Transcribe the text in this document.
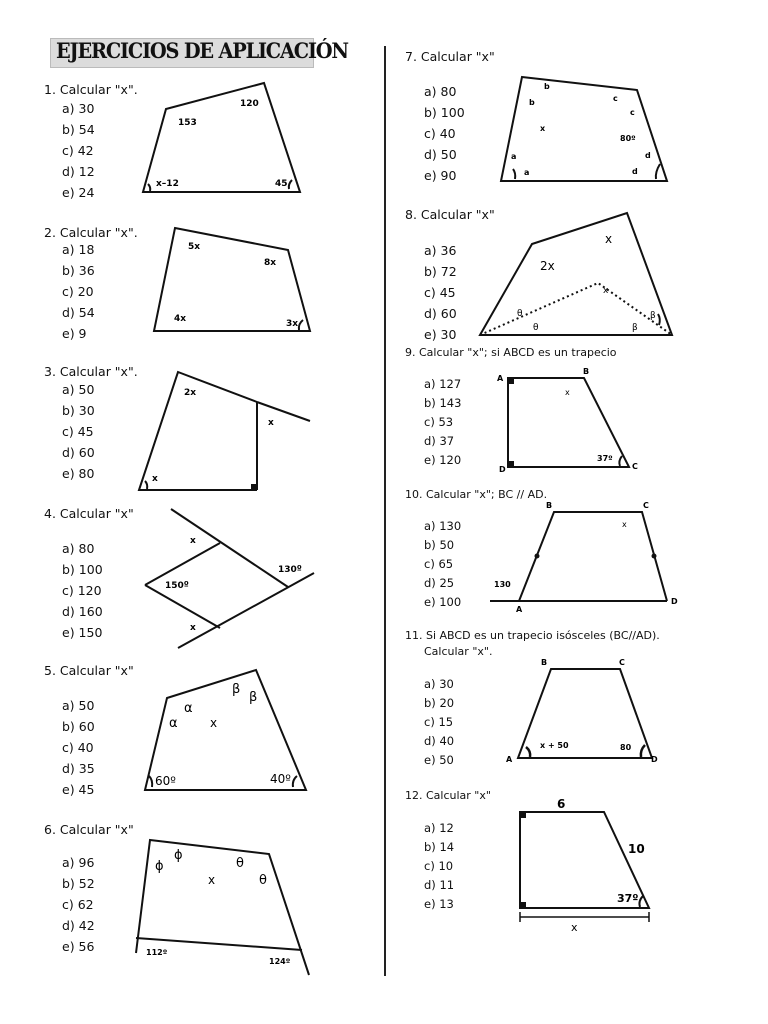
EJERCICIOS DE APLICACIÓN
1. Calcular "x".
a) 30
b) 54
c) 42
d) 12
e) 24
153
120
x–12	45
2. Calcular "x".
a) 18
b) 36
c) 20
d) 54
e) 9
5x
8x
4x	3x
3. Calcular "x".
a) 50
b) 30
c) 45
d) 60
e) 80
2x
x
x
4. Calcular "x"
a) 80
b) 100
c) 120
d) 160
e) 150
x
150º
130º
x
5. Calcular "x"
a) 50
b) 60
c) 40
d) 35
e) 45
α
α
β
β
x
60º	40º
6. Calcular "x"
a) 96
b) 52
c) 62
d) 42
e) 56
ϕ
ϕ
θ
θ
x
112º
124º
7. Calcular "x"
a) 80
b) 100
c) 40
d) 50
e) 90
b
b	c
c
x
80º
d
d
a
a
8. Calcular "x"
a) 36
b) 72
c) 45
d) 60
e) 30
x
2x
x
θ
θ
β
β
9. Calcular "x"; si ABCD es un trapecio
a) 127
b) 143
c) 53
d) 37
e) 120
A
B
C
D
x
37º
10. Calcular "x"; BC // AD.
a) 130
b) 50
c) 65
d) 25
e) 100
A
B	C
D
x
130
11. Si ABCD es un trapecio isósceles (BC//AD).
Calcular "x".
a) 30
b) 20
c) 15
d) 40
e) 50	A
B	C
D
x + 50	80
12. Calcular "x"
a) 12
b) 14
c) 10
d) 11
e) 13
6
10
37º
x
